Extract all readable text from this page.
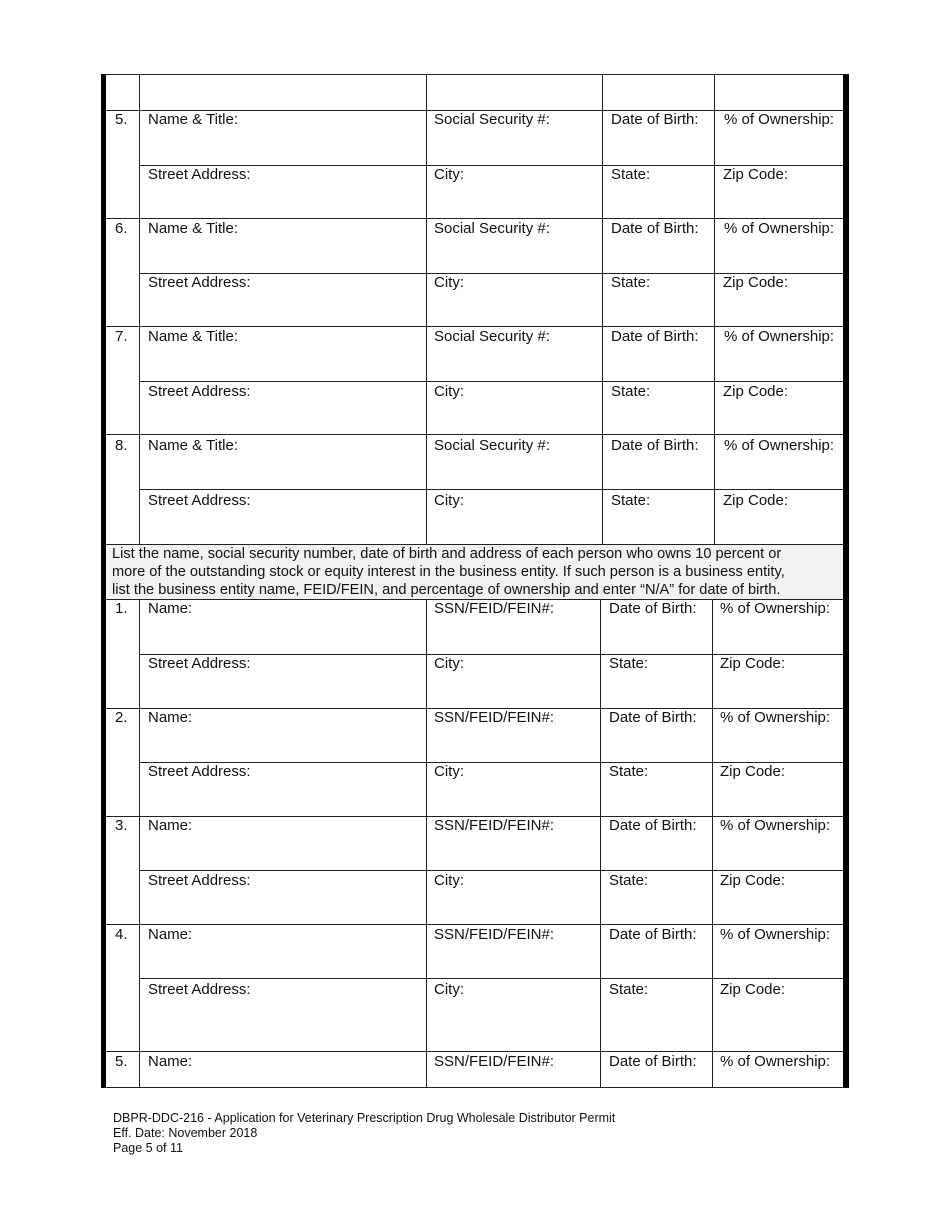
List the name, social security number, date of birth and address of each person who owns 10 percent or
more of the outstanding stock or equity interest in the business entity. If such person is a business entity,
list the business entity name, FEID/FEIN, and percentage of ownership and enter “N/A” for date of birth.
5. Name & Title:	Social Security #:	Date of Birth: % of Ownership:
Street Address:	City:	State:	Zip Code:
6. Name & Title:	Social Security #:	Date of Birth: % of Ownership:
Street Address:	City:	State:	Zip Code:
7. Name & Title:	Social Security #:	Date of Birth: % of Ownership:
Street Address:	City:	State:	Zip Code:
8. Name & Title:	Social Security #:	Date of Birth: % of Ownership:
Street Address:	City:	State:	Zip Code:
1. Name:	SSN/FEID/FEIN#:	Date of Birth: % of Ownership:
Street Address:	City:	State:	Zip Code:
2. Name:	SSN/FEID/FEIN#:	Date of Birth: % of Ownership:
Street Address:	City:	State:	Zip Code:
3. Name:	SSN/FEID/FEIN#:	Date of Birth: % of Ownership:
Street Address:	City:	State:	Zip Code:
4. Name:	SSN/FEID/FEIN#:	Date of Birth: % of Ownership:
Street Address:	City:	State:	Zip Code:
5. Name:	SSN/FEID/FEIN#:	Date of Birth: % of Ownership:
DBPR-DDC-216 - Application for Veterinary Prescription Drug Wholesale Distributor Permit
Eff. Date: November 2018
Page 5 of 11
